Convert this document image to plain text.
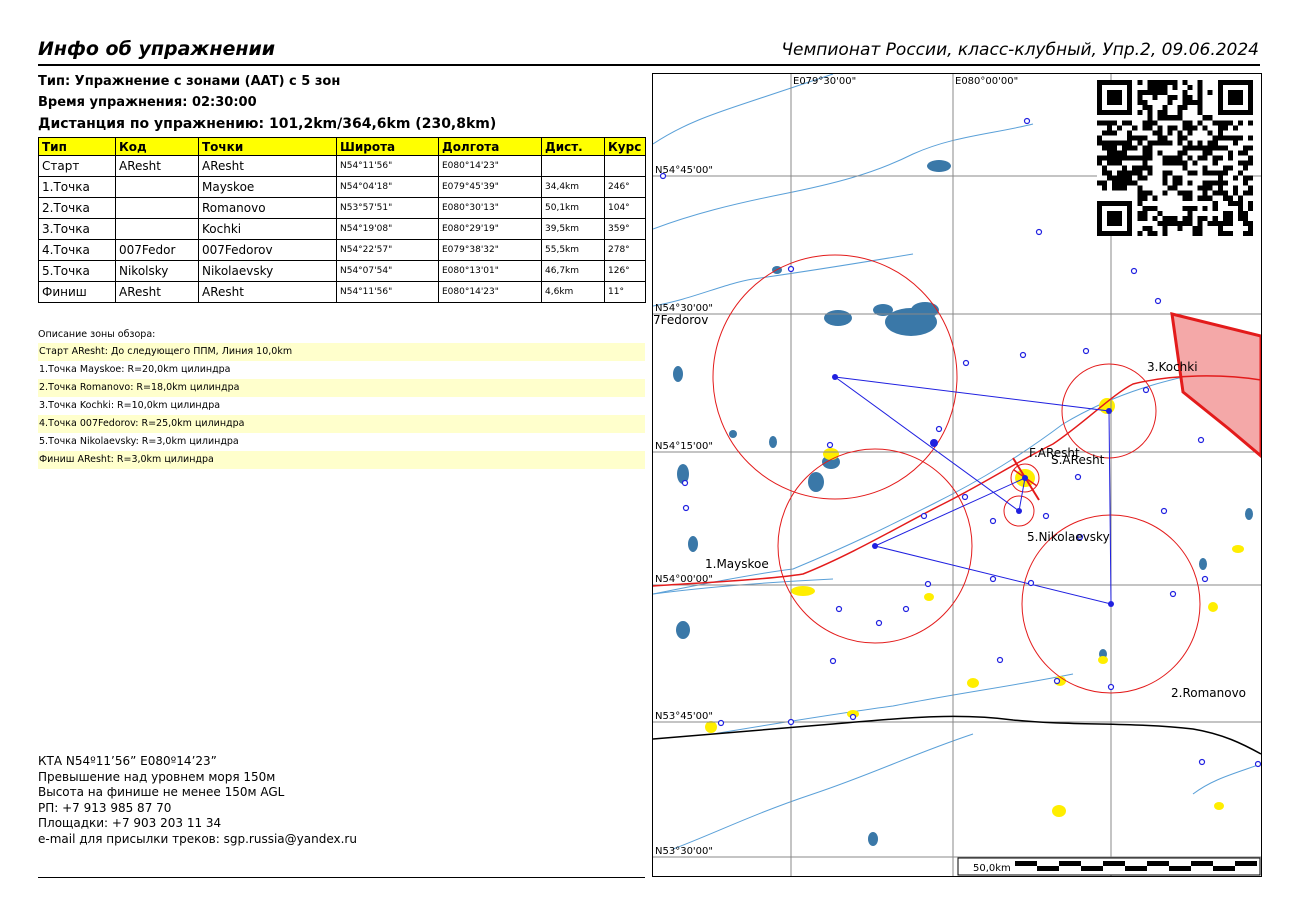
Инфо об упражнении	Чемпионат России, класс-клубный, Упр.2, 09.06.2024
Тип: Упражнение с зонами (AAT) с 5 зон
Время упражнения: 02:30:00
Дистанция по упражнению: 101,2km/364,6km (230,8km)
Тип	Код	Точки	Широта	Долгота	Дист.	Курс
Старт	AResht	AResht	N54°11'56"	E080°14'23"		
1.Точка		Mayskoe	N54°04'18"	E079°45'39"	34,4km	246°
2.Точка		Romanovo	N53°57'51"	E080°30'13"	50,1km	104°
3.Точка		Kochki	N54°19'08"	E080°29'19"	39,5km	359°
4.Точка	007Fedor	007Fedorov	N54°22'57"	E079°38'32"	55,5km	278°
5.Точка	Nikolsky	Nikolaevsky	N54°07'54"	E080°13'01"	46,7km	126°
Финиш	AResht	AResht	N54°11'56"	E080°14'23"	4,6km	11°
Описание зоны обзора:
Старт AResht: До следующего ППМ, Линия 10,0km
1.Точка Mayskoe: R=20,0km цилиндра
2.Точка Romanovo: R=18,0km цилиндра
3.Точка Kochki: R=10,0km цилиндра
4.Точка 007Fedorov: R=25,0km цилиндра
5.Точка Nikolaevsky: R=3,0km цилиндра
Финиш AResht: R=3,0km цилиндра
КТА N54º11’56” E080º14’23”
Превышение над уровнем моря 150м
Высота на финише не менее 150м AGL
РП: +7 913 985 87 70
Площадки: +7 903 203 11 34
e-mail для присылки треков: sgp.russia@yandex.ru
E079°30'00"	E080°00'00"
N54°45'00"
N54°30'00"
N54°15'00"
N54°00'00"
N53°45'00"
N53°30'00"
7Fedorov
3.Kochki
F.AResht
S.AResht
5.Nikolaevsky
1.Mayskoe
2.Romanovo
50,0km
